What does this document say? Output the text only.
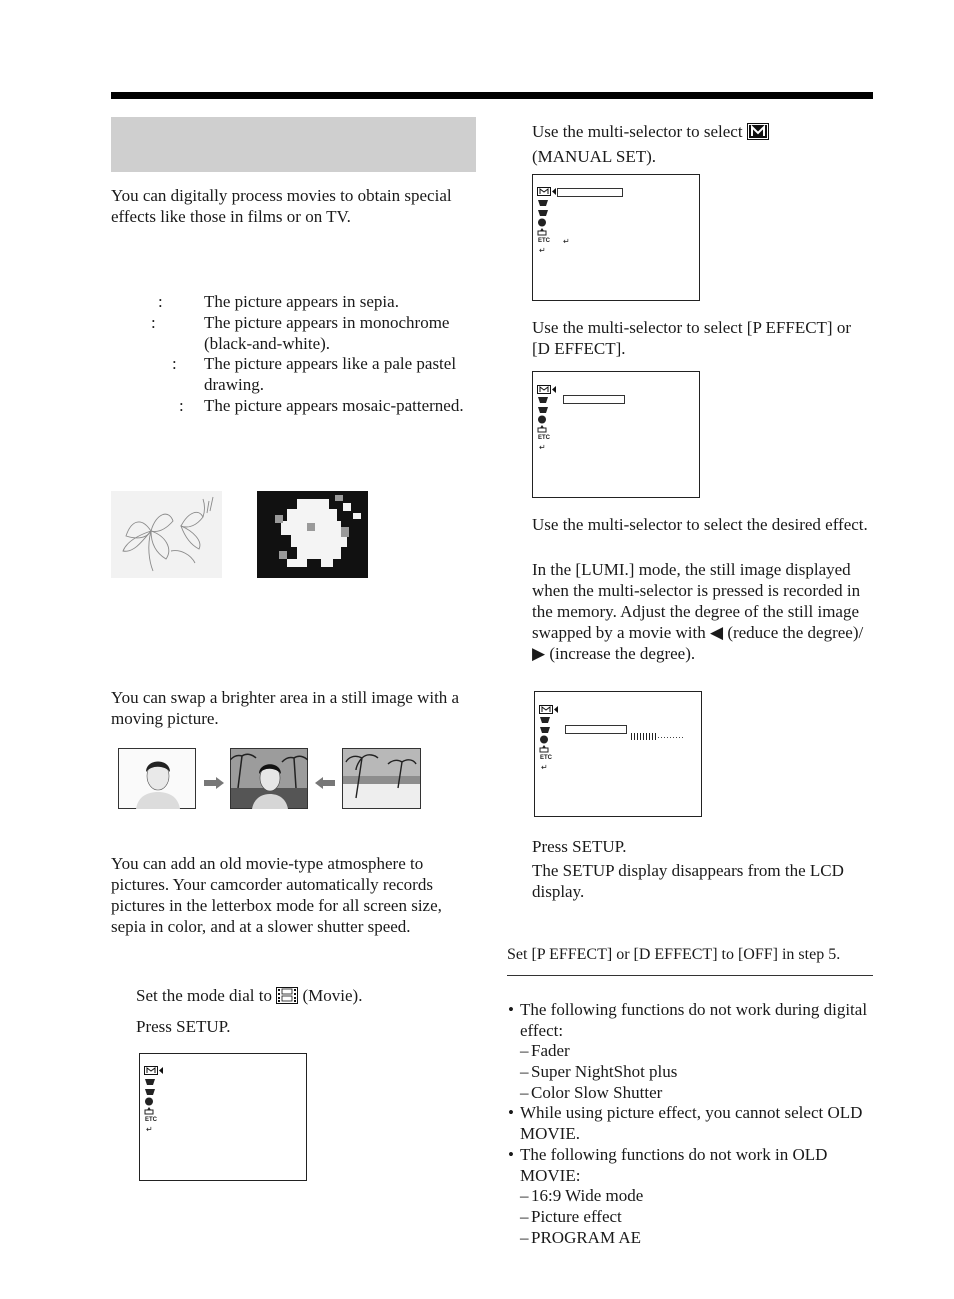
You can digitally process movies to obtain special effects like those in films or on TV.

: The picture appears in sepia.

:	The picture appears in monochrome (black-and-white).

: The picture appears like a pale pastel drawing.

: The picture appears mosaic-patterned.

You can swap a brighter area in a still image with a moving picture.

You can add an old movie-type atmosphere to pictures. Your camcorder automatically records pictures in the letterbox mode for all screen size, sepia in color, and at a slower shutter speed.

Set the mode dial to (Movie).

Press SETUP.

ETC
↵

Use the multi-selector to select

(MANUAL SET).

ETC ↵
↵

Use the multi-selector to select [P EFFECT] or [D EFFECT].

ETC
↵

Use the multi-selector to select the desired effect.

In the [LUMI.] mode, the still image displayed when the multi-selector is pressed is recorded in the memory. Adjust the degree of the still image swapped by a movie with ◀ (reduce the degree)/▶ (increase the degree).

ETC
↵

Press SETUP.

The SETUP display disappears from the LCD display.

Set [P EFFECT] or [D EFFECT] to [OFF] in step 5.

• The following functions do not work during digital effect:

– Fader

– Super NightShot plus

– Color Slow Shutter

• While using picture effect, you cannot select OLD MOVIE.

• The following functions do not work in OLD MOVIE:

– 16:9 Wide mode

– Picture effect

– PROGRAM AE
